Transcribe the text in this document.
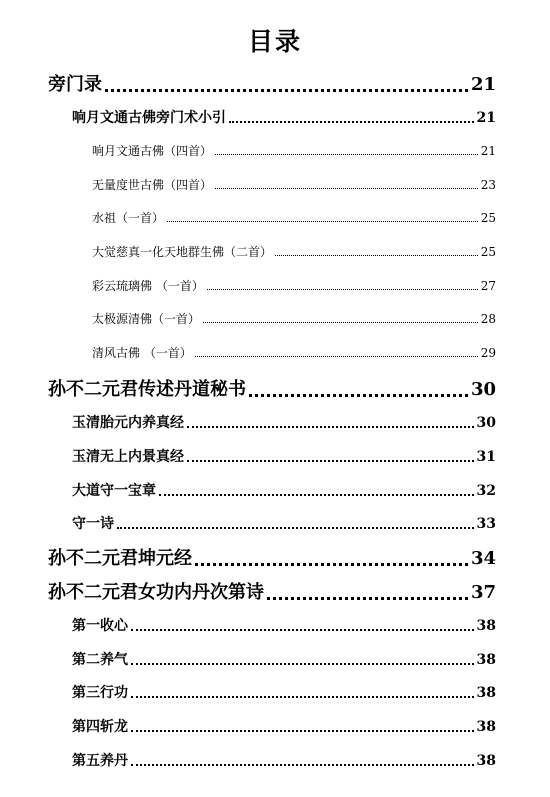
目录
旁门录	21
响月文通古佛旁门术小引	21
响月文通古佛（四首）	21
无量度世古佛（四首）	23
水祖（一首）	25
大觉慈真一化天地群生佛（二首）	25
彩云琉璃佛 （一首）	27
太极源清佛（一首）	28
清风古佛 （一首）	29
孙不二元君传述丹道秘书	30
玉清胎元内养真经	30
玉清无上内景真经	31
大道守一宝章	32
守一诗	33
孙不二元君坤元经	34
孙不二元君女功内丹次第诗	37
第一收心	38
第二养气	38
第三行功	38
第四斩龙	38
第五养丹	38
